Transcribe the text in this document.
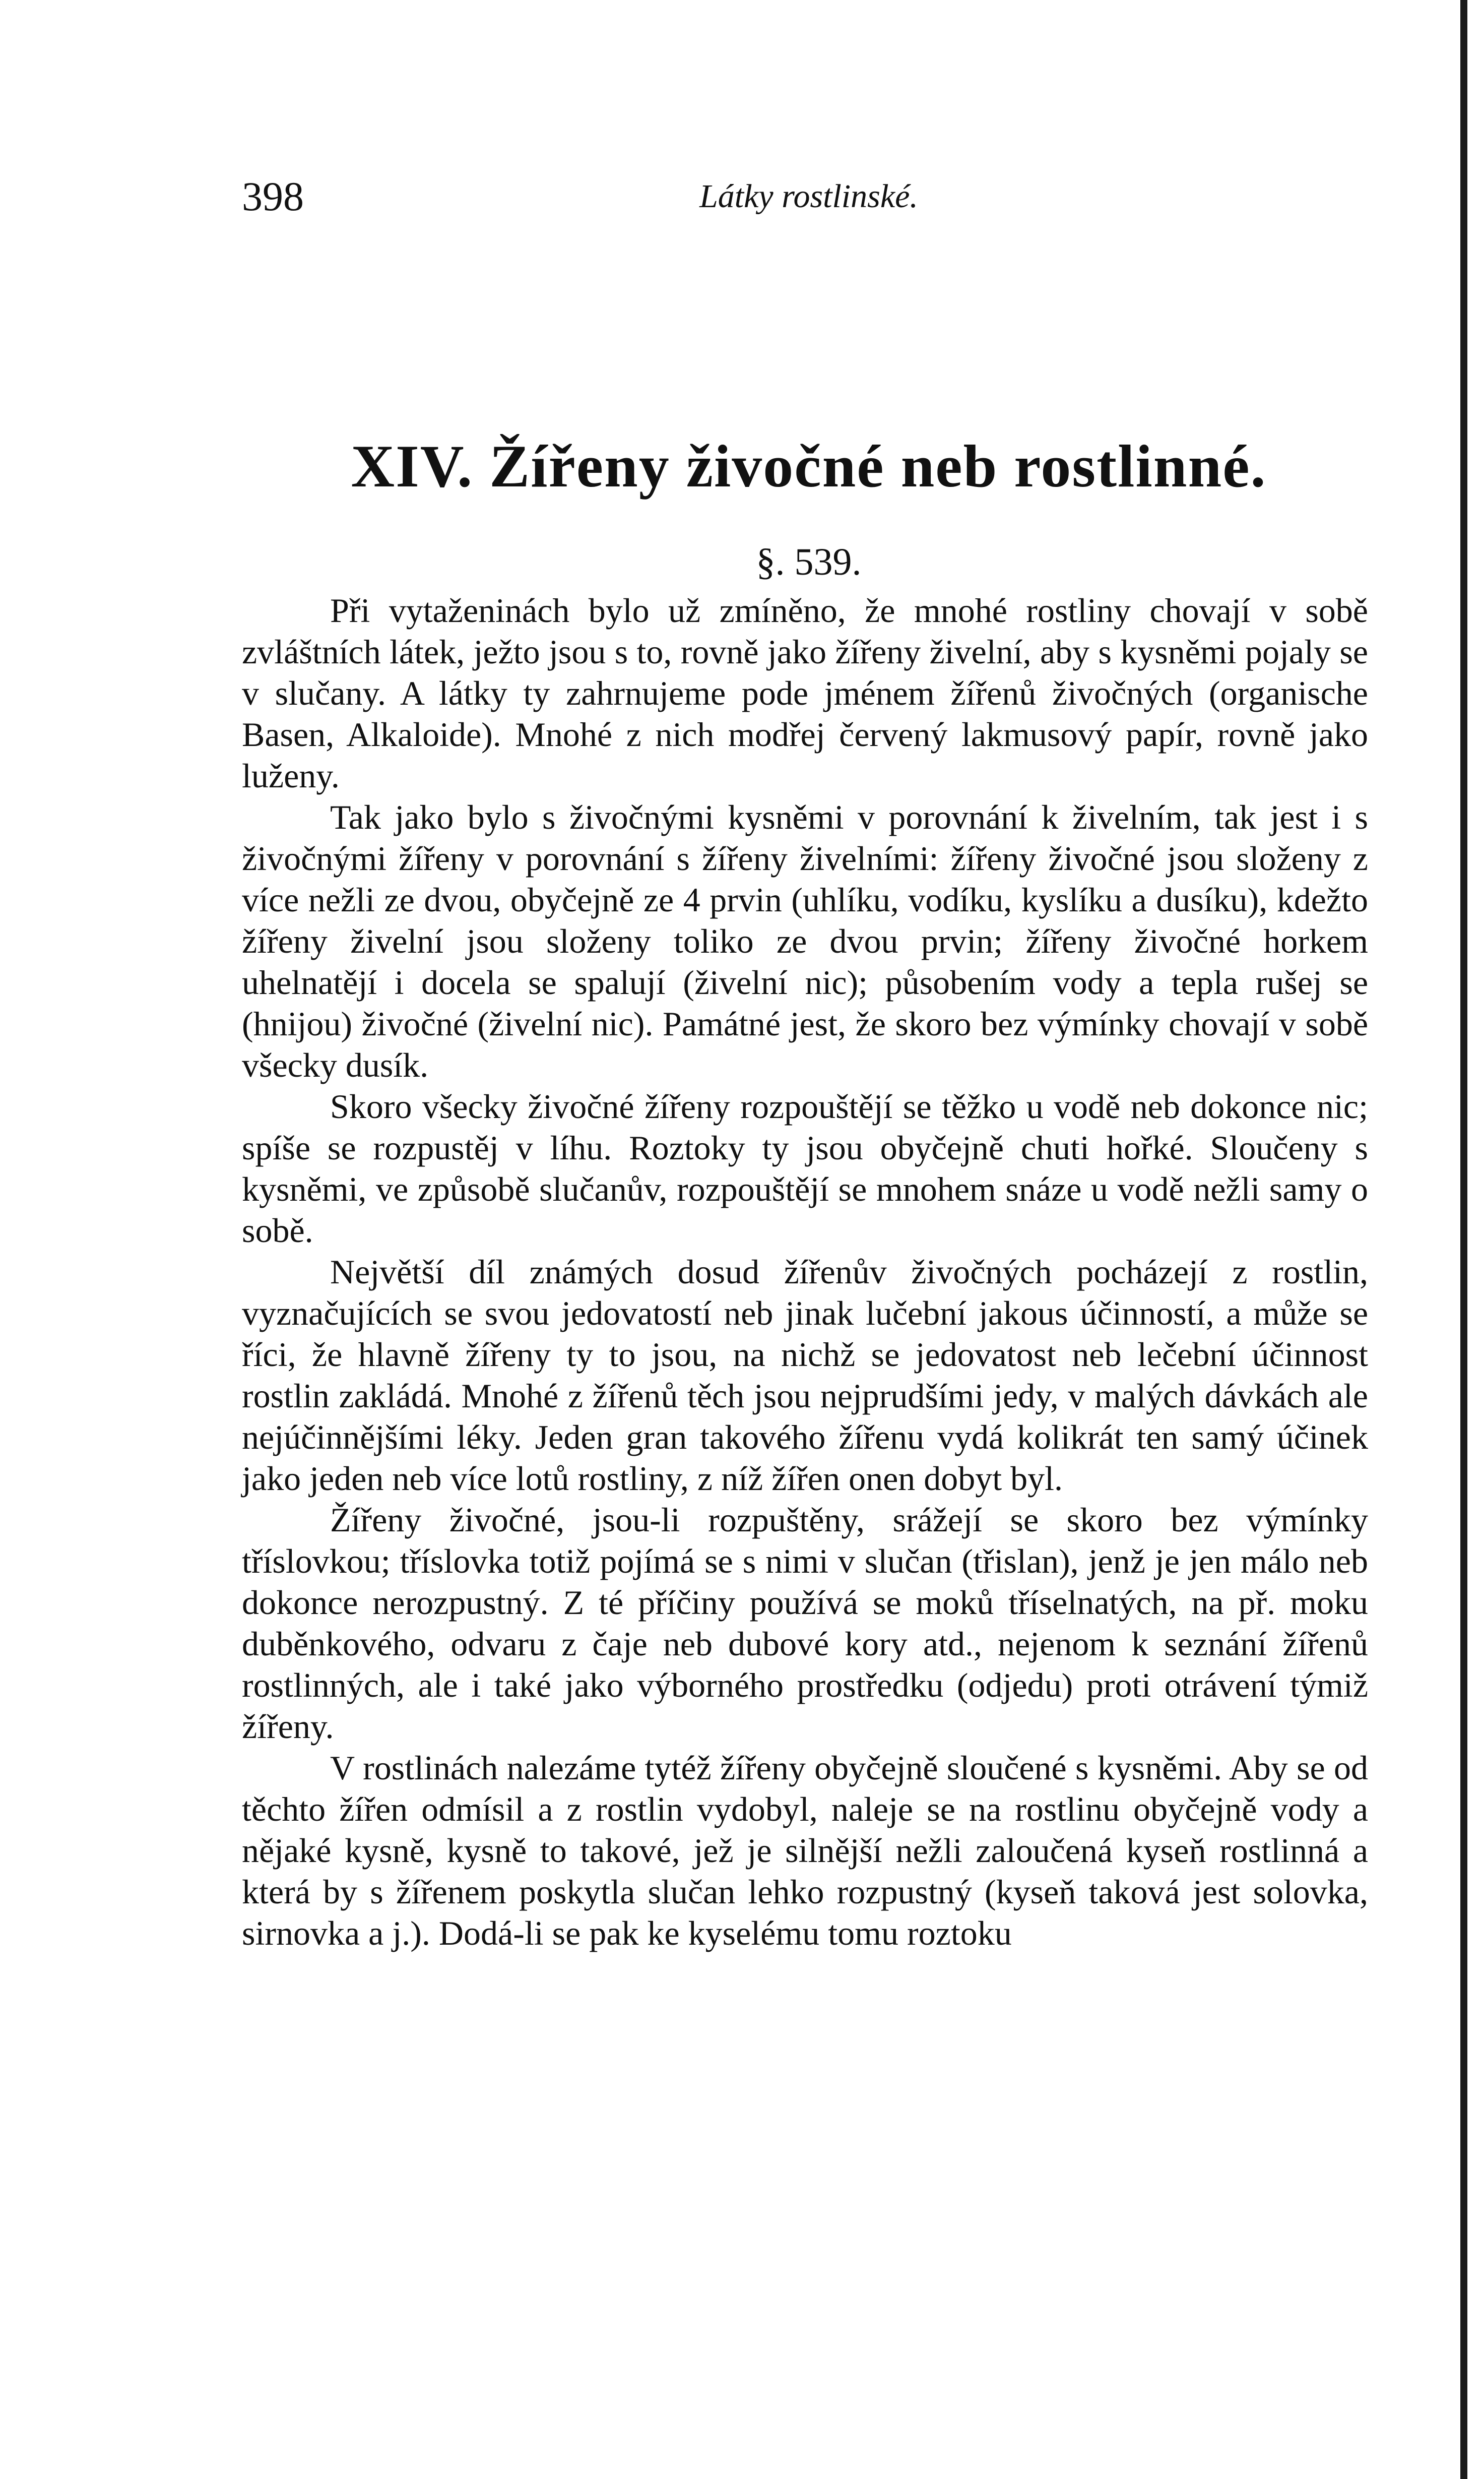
398	Látky rostlinské.
XIV. Žířeny živočné neb rostlinné.
§. 539.

Při vytaženinách bylo už zmíněno, že mnohé rostliny chovají v sobě zvláštních látek, ježto jsou s to, rovně jako žířeny živelní, aby s kysněmi pojaly se v slučany. A látky ty zahrnujeme pode jménem žířenů živočných (organische Basen, Alkaloide). Mnohé z nich modřej červený lakmusový papír, rovně jako luženy.

Tak jako bylo s živočnými kysněmi v porovnání k živelním, tak jest i s živočnými žířeny v porovnání s žířeny živelními: žířeny živočné jsou složeny z více nežli ze dvou, obyčejně ze 4 prvin (uhlíku, vodíku, kyslíku a dusíku), kdežto žířeny živelní jsou složeny toliko ze dvou prvin; žířeny živočné horkem uhelnatějí i docela se spalují (živelní nic); působením vody a tepla rušej se (hnijou) živočné (živelní nic). Památné jest, že skoro bez výmínky chovají v sobě všecky dusík.

Skoro všecky živočné žířeny rozpouštějí se těžko u vodě neb dokonce nic; spíše se rozpustěj v líhu. Roztoky ty jsou obyčejně chuti hořké. Sloučeny s kysněmi, ve způsobě slučanův, rozpouštějí se mnohem snáze u vodě nežli samy o sobě.

Největší díl známých dosud žířenův živočných pocházejí z rostlin, vyznačujících se svou jedovatostí neb jinak lučební jakous účinností, a může se říci, že hlavně žířeny ty to jsou, na nichž se jedovatost neb lečební účinnost rostlin zakládá. Mnohé z žířenů těch jsou nejprudšími jedy, v malých dávkách ale nejúčinnějšími léky. Jeden gran takového žířenu vydá kolikrát ten samý účinek jako jeden neb více lotů rostliny, z níž žířen onen dobyt byl.

Žířeny živočné, jsou-li rozpuštěny, srážejí se skoro bez výmínky tříslovkou; tříslovka totiž pojímá se s nimi v slučan (třislan), jenž je jen málo neb dokonce nerozpustný. Z té příčiny používá se moků tříselnatých, na př. moku duběnkového, odvaru z čaje neb dubové kory atd., nejenom k seznání žířenů rostlinných, ale i také jako výborného prostředku (odjedu) proti otrávení týmiž žířeny.

V rostlinách nalezáme tytéž žířeny obyčejně sloučené s kysněmi. Aby se od těchto žířen odmísil a z rostlin vydobyl, naleje se na rostlinu obyčejně vody a nějaké kysně, kysně to takové, jež je silnější nežli zaloučená kyseň rostlinná a která by s žířenem poskytla slučan lehko rozpustný (kyseň taková jest solovka, sirnovka a j.). Dodá-li se pak ke kyselému tomu roztoku
